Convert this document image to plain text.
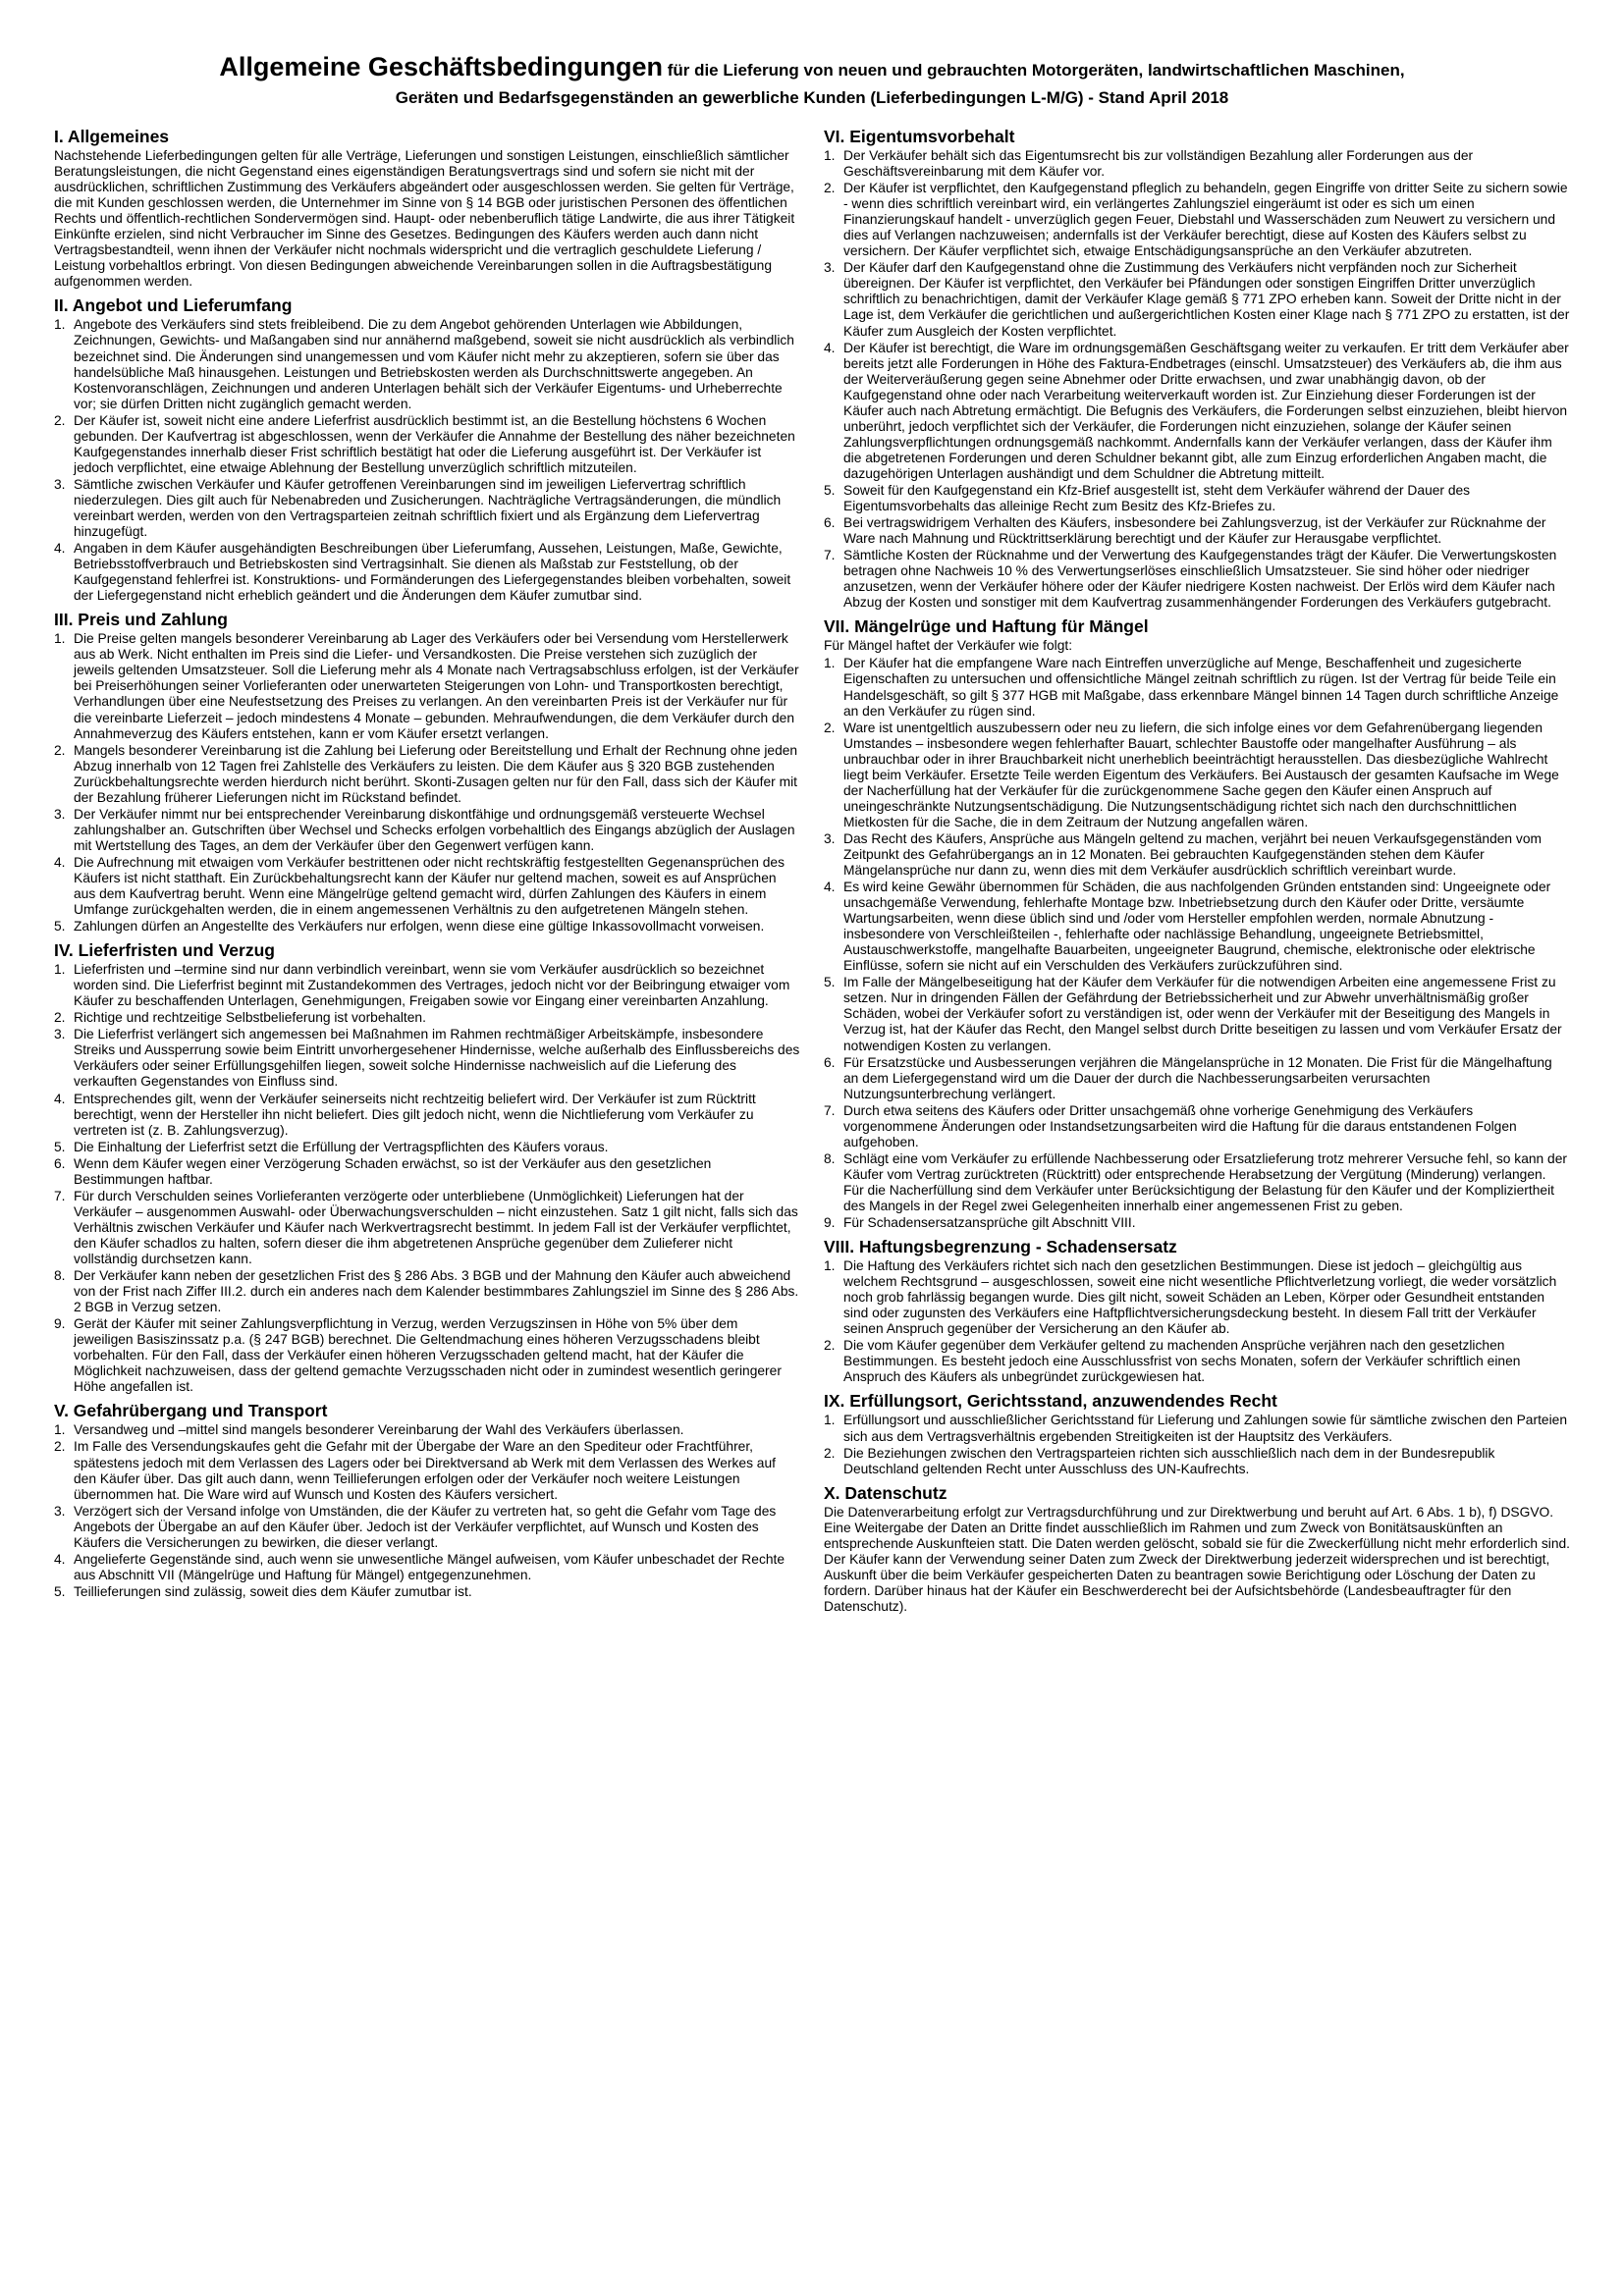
Allgemeine Geschäftsbedingungen für die Lieferung von neuen und gebrauchten Motorgeräten, landwirtschaftlichen Maschinen,
Geräten und Bedarfsgegenständen an gewerbliche Kunden (Lieferbedingungen L-M/G) - Stand April 2018
I. Allgemeines

Nachstehende Lieferbedingungen gelten für alle Verträge, Lieferungen und sonstigen Leistungen, einschließlich sämtlicher Beratungsleistungen, die nicht Gegenstand eines eigenständigen Beratungsvertrags sind und sofern sie nicht mit der ausdrücklichen, schriftlichen Zustimmung des Verkäufers abgeändert oder ausgeschlossen werden. Sie gelten für Verträge, die mit Kunden geschlossen werden, die Unternehmer im Sinne von § 14 BGB oder juristischen Personen des öffentlichen Rechts und öffentlich-rechtlichen Sondervermögen sind. Haupt- oder nebenberuflich tätige Landwirte, die aus ihrer Tätigkeit Einkünfte erzielen, sind nicht Verbraucher im Sinne des Gesetzes. Bedingungen des Käufers werden auch dann nicht Vertragsbestandteil, wenn ihnen der Verkäufer nicht nochmals widerspricht und die vertraglich geschuldete Lieferung / Leistung vorbehaltlos erbringt. Von diesen Bedingungen abweichende Vereinbarungen sollen in die Auftragsbestätigung aufgenommen werden.

II. Angebot und Lieferumfang
1. Angebote des Verkäufers sind stets freibleibend. Die zu dem Angebot gehörenden Unterlagen wie Abbildungen, Zeichnungen, Gewichts- und Maßangaben sind nur annähernd maßgebend, soweit sie nicht ausdrücklich als verbindlich bezeichnet sind. Die Änderungen sind unangemessen und vom Käufer nicht mehr zu akzeptieren, sofern sie über das handelsübliche Maß hinausgehen. Leistungen und Betriebskosten werden als Durchschnittswerte angegeben. An Kostenvoranschlägen, Zeichnungen und anderen Unterlagen behält sich der Verkäufer Eigentums- und Urheberrechte vor; sie dürfen Dritten nicht zugänglich gemacht werden.
2. Der Käufer ist, soweit nicht eine andere Lieferfrist ausdrücklich bestimmt ist, an die Bestellung höchstens 6 Wochen gebunden. Der Kaufvertrag ist abgeschlossen, wenn der Verkäufer die Annahme der Bestellung des näher bezeichneten Kaufgegenstandes innerhalb dieser Frist schriftlich bestätigt hat oder die Lieferung ausgeführt ist. Der Verkäufer ist jedoch verpflichtet, eine etwaige Ablehnung der Bestellung unverzüglich schriftlich mitzuteilen.
3. Sämtliche zwischen Verkäufer und Käufer getroffenen Vereinbarungen sind im jeweiligen Liefervertrag schriftlich niederzulegen. Dies gilt auch für Nebenabreden und Zusicherungen. Nachträgliche Vertragsänderungen, die mündlich vereinbart werden, werden von den Vertragsparteien zeitnah schriftlich fixiert und als Ergänzung dem Liefervertrag hinzugefügt.
4. Angaben in dem Käufer ausgehändigten Beschreibungen über Lieferumfang, Aussehen, Leistungen, Maße, Gewichte, Betriebsstoffverbrauch und Betriebskosten sind Vertragsinhalt. Sie dienen als Maßstab zur Feststellung, ob der Kaufgegenstand fehlerfrei ist. Konstruktions- und Formänderungen des Liefergegenstandes bleiben vorbehalten, soweit der Liefergegenstand nicht erheblich geändert und die Änderungen dem Käufer zumutbar sind.
III. Preis und Zahlung
1. Die Preise gelten mangels besonderer Vereinbarung ab Lager des Verkäufers oder bei Versendung vom Herstellerwerk aus ab Werk. Nicht enthalten im Preis sind die Liefer- und Versandkosten. Die Preise verstehen sich zuzüglich der jeweils geltenden Umsatzsteuer. Soll die Lieferung mehr als 4 Monate nach Vertragsabschluss erfolgen, ist der Verkäufer bei Preiserhöhungen seiner Vorlieferanten oder unerwarteten Steigerungen von Lohn- und Transportkosten berechtigt, Verhandlungen über eine Neufestsetzung des Preises zu verlangen. An den vereinbarten Preis ist der Verkäufer nur für die vereinbarte Lieferzeit – jedoch mindestens 4 Monate – gebunden. Mehraufwendungen, die dem Verkäufer durch den Annahmeverzug des Käufers entstehen, kann er vom Käufer ersetzt verlangen.
2. Mangels besonderer Vereinbarung ist die Zahlung bei Lieferung oder Bereitstellung und Erhalt der Rechnung ohne jeden Abzug innerhalb von 12 Tagen frei Zahlstelle des Verkäufers zu leisten. Die dem Käufer aus § 320 BGB zustehenden Zurückbehaltungsrechte werden hierdurch nicht berührt. Skonti-Zusagen gelten nur für den Fall, dass sich der Käufer mit der Bezahlung früherer Lieferungen nicht im Rückstand befindet.
3. Der Verkäufer nimmt nur bei entsprechender Vereinbarung diskontfähige und ordnungsgemäß versteuerte Wechsel zahlungshalber an. Gutschriften über Wechsel und Schecks erfolgen vorbehaltlich des Eingangs abzüglich der Auslagen mit Wertstellung des Tages, an dem der Verkäufer über den Gegenwert verfügen kann.
4. Die Aufrechnung mit etwaigen vom Verkäufer bestrittenen oder nicht rechtskräftig festgestellten Gegenansprüchen des Käufers ist nicht statthaft. Ein Zurückbehaltungsrecht kann der Käufer nur geltend machen, soweit es auf Ansprüchen aus dem Kaufvertrag beruht. Wenn eine Mängelrüge geltend gemacht wird, dürfen Zahlungen des Käufers in einem Umfange zurückgehalten werden, die in einem angemessenen Verhältnis zu den aufgetretenen Mängeln stehen.
5. Zahlungen dürfen an Angestellte des Verkäufers nur erfolgen, wenn diese eine gültige Inkassovollmacht vorweisen.
IV. Lieferfristen und Verzug
1. Lieferfristen und –termine sind nur dann verbindlich vereinbart, wenn sie vom Verkäufer ausdrücklich so bezeichnet worden sind. Die Lieferfrist beginnt mit Zustandekommen des Vertrages, jedoch nicht vor der Beibringung etwaiger vom Käufer zu beschaffenden Unterlagen, Genehmigungen, Freigaben sowie vor Eingang einer vereinbarten Anzahlung.
2. Richtige und rechtzeitige Selbstbelieferung ist vorbehalten.
3. Die Lieferfrist verlängert sich angemessen bei Maßnahmen im Rahmen rechtmäßiger Arbeitskämpfe, insbesondere Streiks und Aussperrung sowie beim Eintritt unvorhergesehener Hindernisse, welche außerhalb des Einflussbereichs des Verkäufers oder seiner Erfüllungsgehilfen liegen, soweit solche Hindernisse nachweislich auf die Lieferung des verkauften Gegenstandes von Einfluss sind.
4. Entsprechendes gilt, wenn der Verkäufer seinerseits nicht rechtzeitig beliefert wird. Der Verkäufer ist zum Rücktritt berechtigt, wenn der Hersteller ihn nicht beliefert. Dies gilt jedoch nicht, wenn die Nichtlieferung vom Verkäufer zu vertreten ist (z. B. Zahlungsverzug).
5. Die Einhaltung der Lieferfrist setzt die Erfüllung der Vertragspflichten des Käufers voraus.
6. Wenn dem Käufer wegen einer Verzögerung Schaden erwächst, so ist der Verkäufer aus den gesetzlichen Bestimmungen haftbar.
7. Für durch Verschulden seines Vorlieferanten verzögerte oder unterbliebene (Unmöglichkeit) Lieferungen hat der Verkäufer – ausgenommen Auswahl- oder Überwachungsverschulden – nicht einzustehen. Satz 1 gilt nicht, falls sich das Verhältnis zwischen Verkäufer und Käufer nach Werkvertragsrecht bestimmt. In jedem Fall ist der Verkäufer verpflichtet, den Käufer schadlos zu halten, sofern dieser die ihm abgetretenen Ansprüche gegenüber dem Zulieferer nicht vollständig durchsetzen kann.
8. Der Verkäufer kann neben der gesetzlichen Frist des § 286 Abs. 3 BGB und der Mahnung den Käufer auch abweichend von der Frist nach Ziffer III.2. durch ein anderes nach dem Kalender bestimmbares Zahlungsziel im Sinne des § 286 Abs. 2 BGB in Verzug setzen.
9. Gerät der Käufer mit seiner Zahlungsverpflichtung in Verzug, werden Verzugszinsen in Höhe von 5% über dem jeweiligen Basiszinssatz p.a. (§ 247 BGB) berechnet. Die Geltendmachung eines höheren Verzugsschadens bleibt vorbehalten. Für den Fall, dass der Verkäufer einen höheren Verzugsschaden geltend macht, hat der Käufer die Möglichkeit nachzuweisen, dass der geltend gemachte Verzugsschaden nicht oder in zumindest wesentlich geringerer Höhe angefallen ist.
V. Gefahrübergang und Transport
1. Versandweg und –mittel sind mangels besonderer Vereinbarung der Wahl des Verkäufers überlassen.
2. Im Falle des Versendungskaufes geht die Gefahr mit der Übergabe der Ware an den Spediteur oder Frachtführer, spätestens jedoch mit dem Verlassen des Lagers oder bei Direktversand ab Werk mit dem Verlassen des Werkes auf den Käufer über. Das gilt auch dann, wenn Teillieferungen erfolgen oder der Verkäufer noch weitere Leistungen übernommen hat. Die Ware wird auf Wunsch und Kosten des Käufers versichert.
3. Verzögert sich der Versand infolge von Umständen, die der Käufer zu vertreten hat, so geht die Gefahr vom Tage des Angebots der Übergabe an auf den Käufer über. Jedoch ist der Verkäufer verpflichtet, auf Wunsch und Kosten des Käufers die Versicherungen zu bewirken, die dieser verlangt.
4. Angelieferte Gegenstände sind, auch wenn sie unwesentliche Mängel aufweisen, vom Käufer unbeschadet der Rechte aus Abschnitt VII (Mängelrüge und Haftung für Mängel) entgegenzunehmen.
5. Teillieferungen sind zulässig, soweit dies dem Käufer zumutbar ist.
VI. Eigentumsvorbehalt
1. Der Verkäufer behält sich das Eigentumsrecht bis zur vollständigen Bezahlung aller Forderungen aus der Geschäftsvereinbarung mit dem Käufer vor.
2. Der Käufer ist verpflichtet, den Kaufgegenstand pfleglich zu behandeln, gegen Eingriffe von dritter Seite zu sichern sowie - wenn dies schriftlich vereinbart wird, ein verlängertes Zahlungsziel eingeräumt ist oder es sich um einen Finanzierungskauf handelt - unverzüglich gegen Feuer, Diebstahl und Wasserschäden zum Neuwert zu versichern und dies auf Verlangen nachzuweisen; andernfalls ist der Verkäufer berechtigt, diese auf Kosten des Käufers selbst zu versichern. Der Käufer verpflichtet sich, etwaige Entschädigungsansprüche an den Verkäufer abzutreten.
3. Der Käufer darf den Kaufgegenstand ohne die Zustimmung des Verkäufers nicht verpfänden noch zur Sicherheit übereignen. Der Käufer ist verpflichtet, den Verkäufer bei Pfändungen oder sonstigen Eingriffen Dritter unverzüglich schriftlich zu benachrichtigen, damit der Verkäufer Klage gemäß § 771 ZPO erheben kann. Soweit der Dritte nicht in der Lage ist, dem Verkäufer die gerichtlichen und außergerichtlichen Kosten einer Klage nach § 771 ZPO zu erstatten, ist der Käufer zum Ausgleich der Kosten verpflichtet.
4. Der Käufer ist berechtigt, die Ware im ordnungsgemäßen Geschäftsgang weiter zu verkaufen. Er tritt dem Verkäufer aber bereits jetzt alle Forderungen in Höhe des Faktura-Endbetrages (einschl. Umsatzsteuer) des Verkäufers ab, die ihm aus der Weiterveräußerung gegen seine Abnehmer oder Dritte erwachsen, und zwar unabhängig davon, ob der Kaufgegenstand ohne oder nach Verarbeitung weiterverkauft worden ist. Zur Einziehung dieser Forderungen ist der Käufer auch nach Abtretung ermächtigt. Die Befugnis des Verkäufers, die Forderungen selbst einzuziehen, bleibt hiervon unberührt, jedoch verpflichtet sich der Verkäufer, die Forderungen nicht einzuziehen, solange der Käufer seinen Zahlungsverpflichtungen ordnungsgemäß nachkommt. Andernfalls kann der Verkäufer verlangen, dass der Käufer ihm die abgetretenen Forderungen und deren Schuldner bekannt gibt, alle zum Einzug erforderlichen Angaben macht, die dazugehörigen Unterlagen aushändigt und dem Schuldner die Abtretung mitteilt.
5. Soweit für den Kaufgegenstand ein Kfz-Brief ausgestellt ist, steht dem Verkäufer während der Dauer des Eigentumsvorbehalts das alleinige Recht zum Besitz des Kfz-Briefes zu.
6. Bei vertragswidrigem Verhalten des Käufers, insbesondere bei Zahlungsverzug, ist der Verkäufer zur Rücknahme der Ware nach Mahnung und Rücktrittserklärung berechtigt und der Käufer zur Herausgabe verpflichtet.
7. Sämtliche Kosten der Rücknahme und der Verwertung des Kaufgegenstandes trägt der Käufer. Die Verwertungskosten betragen ohne Nachweis 10 % des Verwertungserlöses einschließlich Umsatzsteuer. Sie sind höher oder niedriger anzusetzen, wenn der Verkäufer höhere oder der Käufer niedrigere Kosten nachweist. Der Erlös wird dem Käufer nach Abzug der Kosten und sonstiger mit dem Kaufvertrag zusammenhängender Forderungen des Verkäufers gutgebracht.
VII. Mängelrüge und Haftung für Mängel

Für Mängel haftet der Verkäufer wie folgt:

1. Der Käufer hat die empfangene Ware nach Eintreffen unverzügliche auf Menge, Beschaffenheit und zugesicherte Eigenschaften zu untersuchen und offensichtliche Mängel zeitnah schriftlich zu rügen. Ist der Vertrag für beide Teile ein Handelsgeschäft, so gilt § 377 HGB mit Maßgabe, dass erkennbare Mängel binnen 14 Tagen durch schriftliche Anzeige an den Verkäufer zu rügen sind.
2. Ware ist unentgeltlich auszubessern oder neu zu liefern, die sich infolge eines vor dem Gefahrenübergang liegenden Umstandes – insbesondere wegen fehlerhafter Bauart, schlechter Baustoffe oder mangelhafter Ausführung – als unbrauchbar oder in ihrer Brauchbarkeit nicht unerheblich beeinträchtigt herausstellen. Das diesbezügliche Wahlrecht liegt beim Verkäufer. Ersetzte Teile werden Eigentum des Verkäufers. Bei Austausch der gesamten Kaufsache im Wege der Nacherfüllung hat der Verkäufer für die zurückgenommene Sache gegen den Käufer einen Anspruch auf uneingeschränkte Nutzungsentschädigung. Die Nutzungsentschädigung richtet sich nach den durchschnittlichen Mietkosten für die Sache, die in dem Zeitraum der Nutzung angefallen wären.
3. Das Recht des Käufers, Ansprüche aus Mängeln geltend zu machen, verjährt bei neuen Verkaufsgegenständen vom Zeitpunkt des Gefahrübergangs an in 12 Monaten. Bei gebrauchten Kaufgegenständen stehen dem Käufer Mängelansprüche nur dann zu, wenn dies mit dem Verkäufer ausdrücklich schriftlich vereinbart wurde.
4. Es wird keine Gewähr übernommen für Schäden, die aus nachfolgenden Gründen entstanden sind: Ungeeignete oder unsachgemäße Verwendung, fehlerhafte Montage bzw. Inbetriebsetzung durch den Käufer oder Dritte, versäumte Wartungsarbeiten, wenn diese üblich sind und /oder vom Hersteller empfohlen werden, normale Abnutzung - insbesondere von Verschleißteilen -, fehlerhafte oder nachlässige Behandlung, ungeeignete Betriebsmittel, Austauschwerkstoffe, mangelhafte Bauarbeiten, ungeeigneter Baugrund, chemische, elektronische oder elektrische Einflüsse, sofern sie nicht auf ein Verschulden des Verkäufers zurückzuführen sind.
5. Im Falle der Mängelbeseitigung hat der Käufer dem Verkäufer für die notwendigen Arbeiten eine angemessene Frist zu setzen. Nur in dringenden Fällen der Gefährdung der Betriebssicherheit und zur Abwehr unverhältnismäßig großer Schäden, wobei der Verkäufer sofort zu verständigen ist, oder wenn der Verkäufer mit der Beseitigung des Mangels in Verzug ist, hat der Käufer das Recht, den Mangel selbst durch Dritte beseitigen zu lassen und vom Verkäufer Ersatz der notwendigen Kosten zu verlangen.
6. Für Ersatzstücke und Ausbesserungen verjähren die Mängelansprüche in 12 Monaten. Die Frist für die Mängelhaftung an dem Liefergegenstand wird um die Dauer der durch die Nachbesserungsarbeiten verursachten Nutzungsunterbrechung verlängert.
7. Durch etwa seitens des Käufers oder Dritter unsachgemäß ohne vorherige Genehmigung des Verkäufers vorgenommene Änderungen oder Instandsetzungsarbeiten wird die Haftung für die daraus entstandenen Folgen aufgehoben.
8. Schlägt eine vom Verkäufer zu erfüllende Nachbesserung oder Ersatzlieferung trotz mehrerer Versuche fehl, so kann der Käufer vom Vertrag zurücktreten (Rücktritt) oder entsprechende Herabsetzung der Vergütung (Minderung) verlangen. Für die Nacherfüllung sind dem Verkäufer unter Berücksichtigung der Belastung für den Käufer und der Kompliziertheit des Mangels in der Regel zwei Gelegenheiten innerhalb einer angemessenen Frist zu geben.
9. Für Schadensersatzansprüche gilt Abschnitt VIII.
VIII. Haftungsbegrenzung - Schadensersatz
1. Die Haftung des Verkäufers richtet sich nach den gesetzlichen Bestimmungen. Diese ist jedoch – gleichgültig aus welchem Rechtsgrund – ausgeschlossen, soweit eine nicht wesentliche Pflichtverletzung vorliegt, die weder vorsätzlich noch grob fahrlässig begangen wurde. Dies gilt nicht, soweit Schäden an Leben, Körper oder Gesundheit entstanden sind oder zugunsten des Verkäufers eine Haftpflichtversicherungsdeckung besteht. In diesem Fall tritt der Verkäufer seinen Anspruch gegenüber der Versicherung an den Käufer ab.
2. Die vom Käufer gegenüber dem Verkäufer geltend zu machenden Ansprüche verjähren nach den gesetzlichen Bestimmungen. Es besteht jedoch eine Ausschlussfrist von sechs Monaten, sofern der Verkäufer schriftlich einen Anspruch des Käufers als unbegründet zurückgewiesen hat.
IX. Erfüllungsort, Gerichtsstand, anzuwendendes Recht
1. Erfüllungsort und ausschließlicher Gerichtsstand für Lieferung und Zahlungen sowie für sämtliche zwischen den Parteien sich aus dem Vertragsverhältnis ergebenden Streitigkeiten ist der Hauptsitz des Verkäufers.
2. Die Beziehungen zwischen den Vertragsparteien richten sich ausschließlich nach dem in der Bundesrepublik Deutschland geltenden Recht unter Ausschluss des UN-Kaufrechts.
X. Datenschutz

Die Datenverarbeitung erfolgt zur Vertragsdurchführung und zur Direktwerbung und beruht auf Art. 6 Abs. 1 b), f) DSGVO. Eine Weitergabe der Daten an Dritte findet ausschließlich im Rahmen und zum Zweck von Bonitätsauskünften an entsprechende Auskunfteien statt. Die Daten werden gelöscht, sobald sie für die Zweckerfüllung nicht mehr erforderlich sind. Der Käufer kann der Verwendung seiner Daten zum Zweck der Direktwerbung jederzeit widersprechen und ist berechtigt, Auskunft über die beim Verkäufer gespeicherten Daten zu beantragen sowie Berichtigung oder Löschung der Daten zu fordern. Darüber hinaus hat der Käufer ein Beschwerderecht bei der Aufsichtsbehörde (Landesbeauftragter für den Datenschutz).
